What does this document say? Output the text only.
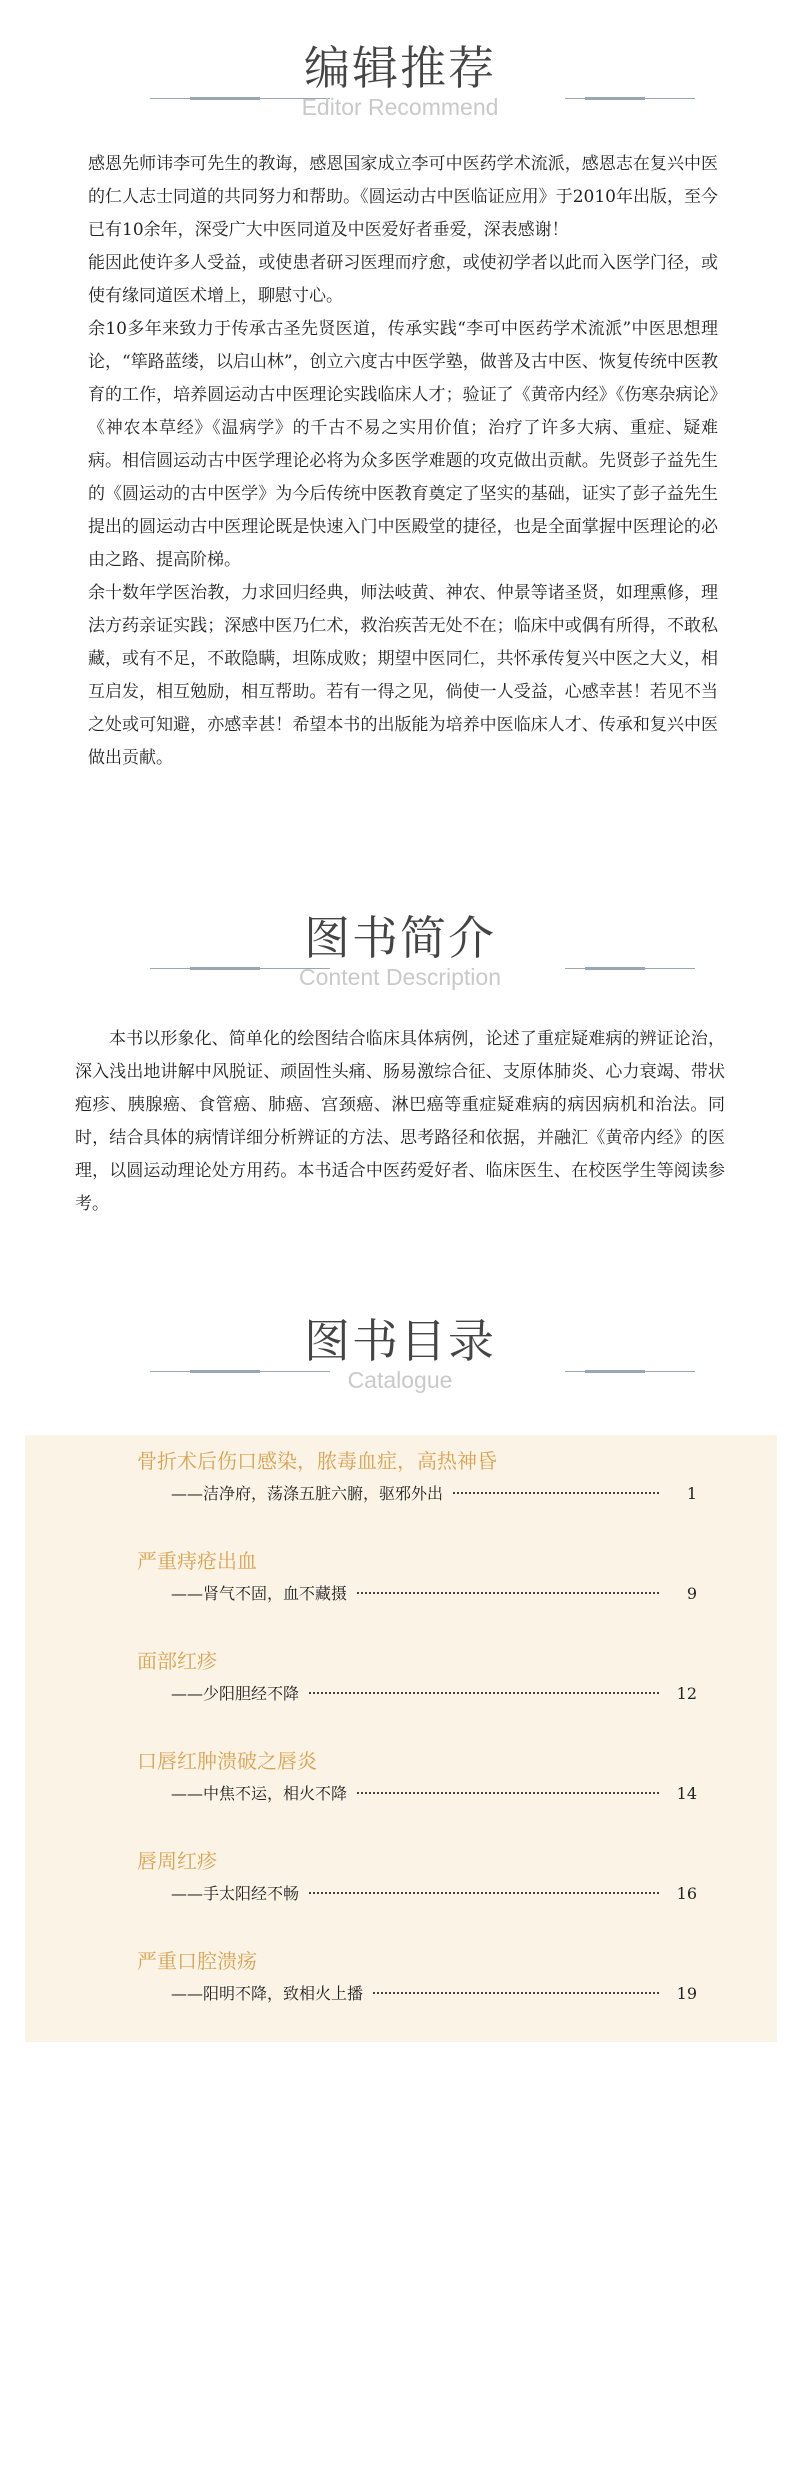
编辑推荐
Editor Recommend

感恩先师讳李可先生的教诲，感恩国家成立李可中医药学术流派，感恩志在复兴中医的仁人志士同道的共同努力和帮助。《圆运动古中医临证应用》于2010年出版，至今已有10余年，深受广大中医同道及中医爱好者垂爱，深表感谢！

能因此使许多人受益，或使患者研习医理而疗愈，或使初学者以此而入医学门径，或使有缘同道医术增上，聊慰寸心。

余10多年来致力于传承古圣先贤医道，传承实践“李可中医药学术流派”中医思想理论，“筚路蓝缕，以启山林”，创立六度古中医学塾，做普及古中医、恢复传统中医教育的工作，培养圆运动古中医理论实践临床人才；验证了《黄帝内经》《伤寒杂病论》《神农本草经》《温病学》的千古不易之实用价值；治疗了许多大病、重症、疑难病。相信圆运动古中医学理论必将为众多医学难题的攻克做出贡献。先贤彭子益先生的《圆运动的古中医学》为今后传统中医教育奠定了坚实的基础，证实了彭子益先生提出的圆运动古中医理论既是快速入门中医殿堂的捷径，也是全面掌握中医理论的必由之路、提高阶梯。

余十数年学医治教，力求回归经典，师法岐黄、神农、仲景等诸圣贤，如理熏修，理法方药亲证实践；深感中医乃仁术，救治疾苦无处不在；临床中或偶有所得，不敢私藏，或有不足，不敢隐瞒，坦陈成败；期望中医同仁，共怀承传复兴中医之大义，相互启发，相互勉励，相互帮助。若有一得之见，倘使一人受益，心感幸甚！若见不当之处或可知避，亦感幸甚！希望本书的出版能为培养中医临床人才、传承和复兴中医做出贡献。

图书简介
Content Description

本书以形象化、简单化的绘图结合临床具体病例，论述了重症疑难病的辨证论治，深入浅出地讲解中风脱证、顽固性头痛、肠易激综合征、支原体肺炎、心力衰竭、带状疱疹、胰腺癌、食管癌、肺癌、宫颈癌、淋巴癌等重症疑难病的病因病机和治法。同时，结合具体的病情详细分析辨证的方法、思考路径和依据，并融汇《黄帝内经》的医理，以圆运动理论处方用药。本书适合中医药爱好者、临床医生、在校医学生等阅读参考。

图书目录
Catalogue
骨折术后伤口感染，脓毒血症，高热神昏
——洁净府，荡涤五脏六腑，驱邪外出	1
严重痔疮出血
——肾气不固，血不藏摄	9
面部红疹
——少阳胆经不降	12
口唇红肿溃破之唇炎
——中焦不运，相火不降	14
唇周红疹
——手太阳经不畅	16
严重口腔溃疡
——阳明不降，致相火上播	19
